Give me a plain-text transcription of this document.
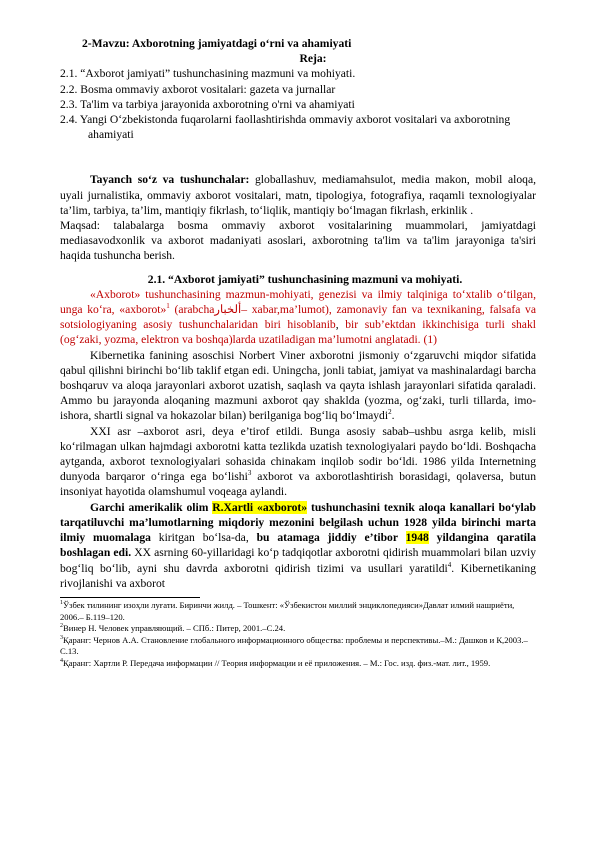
2-Mavzu: Axborotning jamiyatdagi o‘rni va ahamiyati
Reja:
2.1. “Axborot jamiyati” tushunchasining mazmuni va mohiyati.
2.2. Bosma ommaviy axborot vositalari: gazeta va jurnallar
2.3. Ta'lim va tarbiya jarayonida axborotning o'rni va ahamiyati
2.4. Yangi O‘zbekistonda fuqarolarni faollashtirishda ommaviy axborot vositalari va axborotning ahamiyati

Tayanch so‘z va tushunchalar: globallashuv, mediamahsulot, media makon, mobil aloqa, uyali jurnalistika, ommaviy axborot vositalari, matn, tipologiya, fotografiya, raqamli texnologiyalar ta’lim, tarbiya, ta’lim, mantiqiy fikrlash, to‘liqlik, mantiqiy bo‘lmagan fikrlash, erkinlik .

Maqsad: talabalarga bosma ommaviy axborot vositalarining muammolari, jamiyatdagi mediasavodxonlik va axborot madaniyati asoslari, axborotning ta'lim va ta'lim jarayoniga ta'siri haqida tushuncha berish.

2.1. “Axborot jamiyati” tushunchasining mazmuni va mohiyati.

«Axborot» tushunchasining mazmun-mohiyati, genezisi va ilmiy talqiniga to‘xtalib o‘tilgan, unga ko‘ra, «axborot»$^1$ (arabchaألخبار– xabar,ma’lumot), zamonaviy fan va texnikaning, falsafa va sotsiologiyaning asosiy tushunchalaridan biri hisoblanib, bir sub’ektdan ikkinchisiga turli shakl (og‘zaki, yozma, elektron va boshqa)larda uzatiladigan ma’lumotni anglatadi. (1)

Kibernetika fanining asoschisi Norbert Viner axborotni jismoniy o‘zgaruvchi miqdor sifatida qabul qilishni birinchi bo‘lib taklif etgan edi. Uningcha, jonli tabiat, jamiyat va mashinalardagi barcha boshqaruv va aloqa jarayonlari axborot uzatish, saqlash va qayta ishlash jarayonlari sifatida qaraladi. Ammo bu jarayonda aloqaning mazmuni axborot qay shaklda (yozma, og‘zaki, turli tillarda, imo-ishora, shartli signal va hokazolar bilan) berilganiga bog‘liq bo‘lmaydi$^2$.

XXI asr –axborot asri, deya e’tirof etildi. Bunga asosiy sabab–ushbu asrga kelib, misli ko‘rilmagan ulkan hajmdagi axborotni katta tezlikda uzatish texnologiyalari paydo bo‘ldi. Boshqacha aytganda, axborot texnologiyalari sohasida chinakam inqilob sodir bo‘ldi. 1986 yilda Internetning dunyoda barqaror o‘ringa ega bo‘lishi$^3$ axborot va axborotlashtirish borasidagi, qolaversa, butun insoniyat hayotida olamshumul voqeaga aylandi.

Garchi amerikalik olim R.Xartli «axborot» tushunchasini texnik aloqa kanallari bo‘ylab tarqatiluvchi ma’lumotlarning miqdoriy mezonini belgilash uchun 1928 yilda birinchi marta ilmiy muomalaga kiritgan bo‘lsa-da, bu atamaga jiddiy e’tibor 1948 yildangina qaratila boshlagan edi. XX asrning 60-yillaridagi ko‘p tadqiqotlar axborotni qidirish muammolari bilan uzviy bog‘liq bo‘lib, ayni shu davrda axborotni qidirish tizimi va usullari yaratildi$^4$. Kibernetikaning rivojlanishi va axborot

$^1$Ўзбек тилининг изоҳли луғати. Биринчи жилд. – Тошкент: «Ўзбекистон миллий энциклопедияси»Давлат илмий нашриёти, 2006.– Б.119–120.
$^2$Винер Н. Человек управляющий. – СПб.: Питер, 2001.–С.24.
$^3$Қаранг: Чернов А.А. Становление глобального информационного общества: проблемы и перспективы.–М.: Дашков и К,2003.–С.13.
$^4$Қаранг: Хартли Р. Передача информации // Теория информации и её приложения. – М.: Гос. изд. физ.-мат. лит., 1959.
